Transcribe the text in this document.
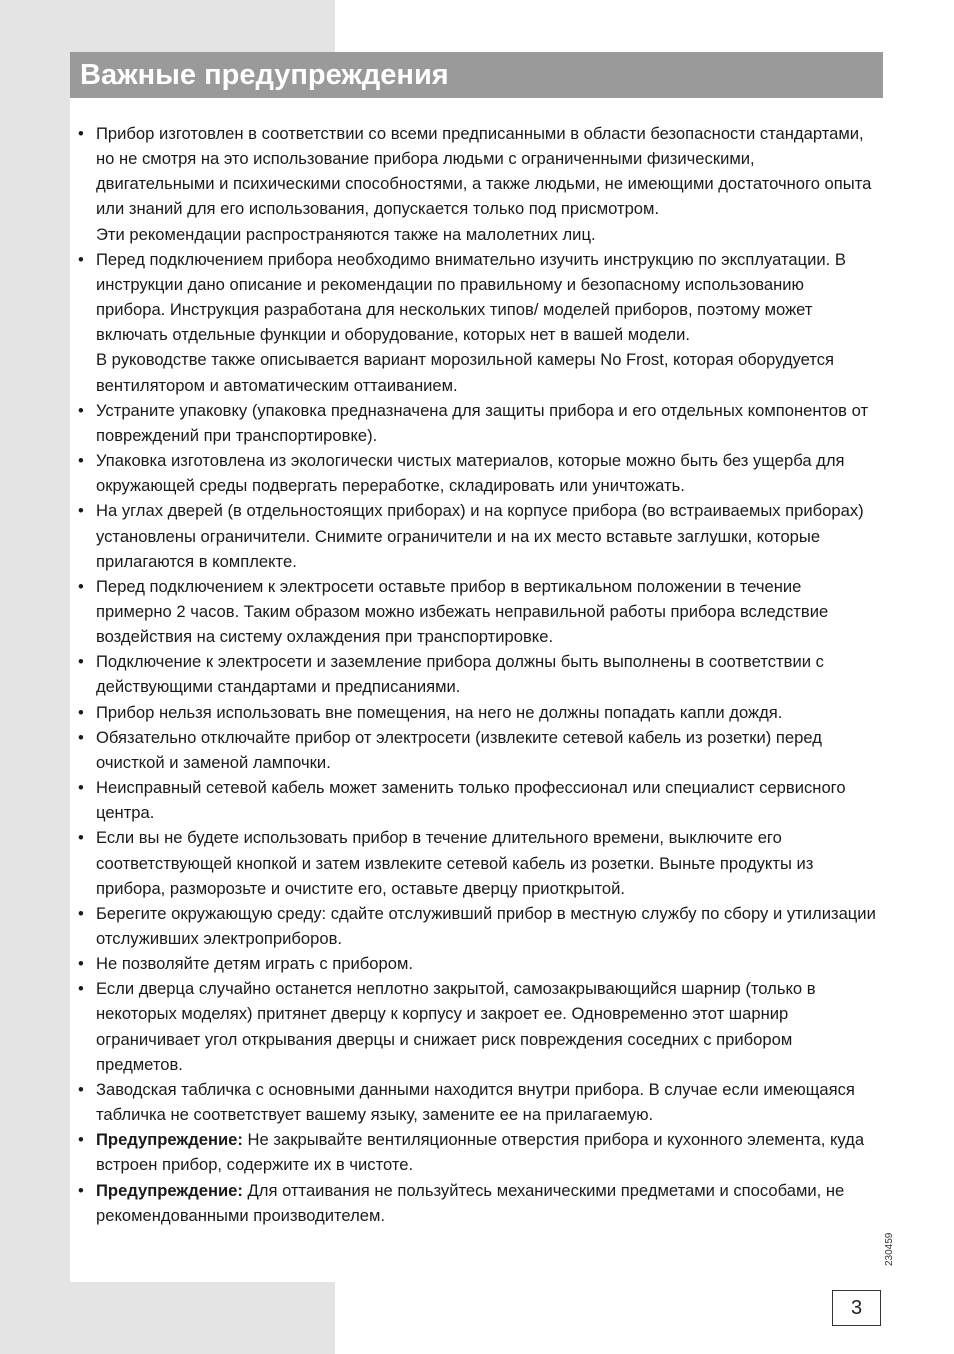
Важные предупреждения
• Прибор изготовлен в соответствии со всеми предписанными в области безопасности стандартами, но не смотря на это использование прибора людьми с ограниченными физическими, двигательными и психическими способностями, а также людьми, не имеющими достаточного опыта или знаний для его использования, допускается только под присмотром.
Эти рекомендации распространяются также на малолетних лиц.
• Перед подключением прибора необходимо внимательно изучить инструкцию по эксплуатации. В инструкции дано описание и рекомендации по правильному и безопасному использованию прибора. Инструкция разработана для нескольких типов/ моделей приборов, поэтому может включать отдельные функции и оборудование, которых нет в вашей модели.
В руководстве также описывается вариант морозильной камеры No Frost, которая оборудуется вентилятором и автоматическим оттаиванием.
• Устраните упаковку (упаковка предназначена для защиты прибора и его отдельных компонентов от повреждений при транспортировке).
• Упаковка изготовлена из экологически чистых материалов, которые можно быть без ущерба для окружающей среды подвергать переработке, складировать или уничтожать.
• На углах дверей (в отдельностоящих приборах) и на корпусе прибора (во встраиваемых приборах) установлены ограничители. Снимите ограничители и на их место вставьте заглушки, которые прилагаются в комплекте.
• Перед подключением к электросети оставьте прибор в вертикальном положении в течение примерно 2 часов. Таким образом можно избежать неправильной работы прибора вследствие воздействия на систему охлаждения при транспортировке.
• Подключение к электросети и заземление прибора должны быть выполнены в соответствии с действующими стандартами и предписаниями.
• Прибор нельзя использовать вне помещения, на него не должны попадать капли дождя.
• Обязательно отключайте прибор от электросети (извлеките сетевой кабель из розетки) перед очисткой и заменой лампочки.
• Неисправный сетевой кабель может заменить только профессионал или специалист сервисного центра.
• Если вы не будете использовать прибор в течение длительного времени, выключите его соответствующей кнопкой и затем извлеките сетевой кабель из розетки. Выньте продукты из прибора, разморозьте и очистите его, оставьте дверцу приоткрытой.
• Берегите окружающую среду: сдайте отслуживший прибор в местную службу по сбору и утилизации отслуживших электроприборов.
• Не позволяйте детям играть с прибором.
• Если дверца случайно останется неплотно закрытой, самозакрывающийся шарнир (только в некоторых моделях) притянет дверцу к корпусу и закроет ее. Одновременно этот шарнир ограничивает угол открывания дверцы и снижает риск повреждения соседних с прибором предметов.
• Заводская табличка с основными данными находится внутри прибора. В случае если имеющаяся табличка не соответствует вашему языку, замените ее на прилагаемую.
• Предупреждение: Не закрывайте вентиляционные отверстия прибора и кухонного элемента, куда встроен прибор, содержите их в чистоте.
• Предупреждение: Для оттаивания не пользуйтесь механическими предметами и способами, не рекомендованными производителем.
230459
3
